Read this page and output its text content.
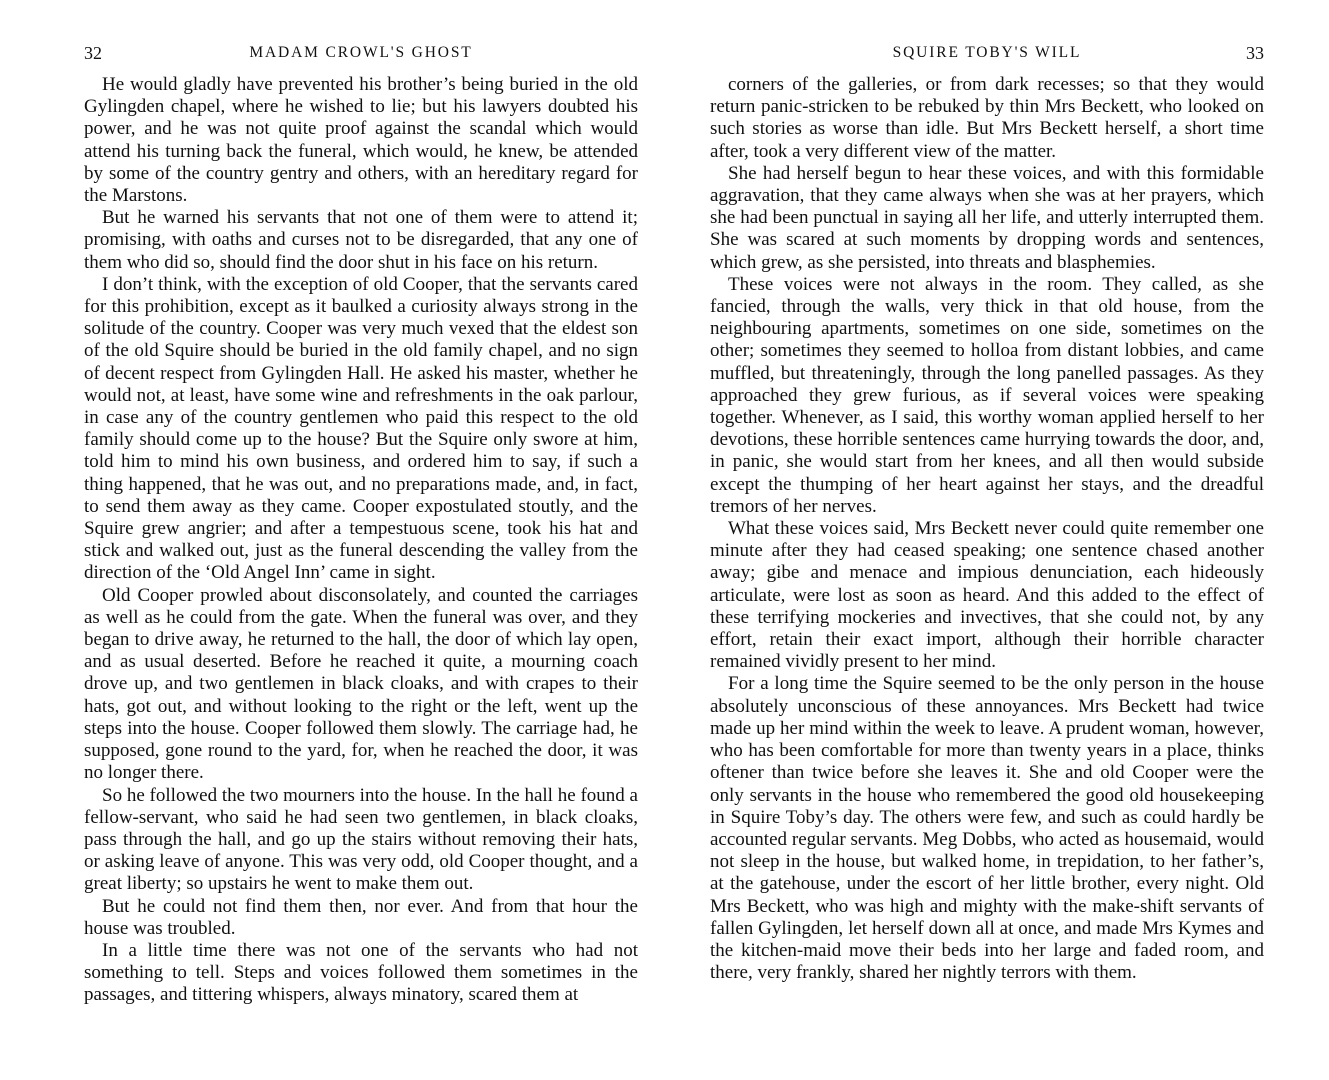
32	MADAM CROWL'S GHOST

He would gladly have prevented his brother’s being buried in the old Gylingden chapel, where he wished to lie; but his lawyers doubted his power, and he was not quite proof against the scandal which would attend his turning back the funeral, which would, he knew, be attended by some of the country gentry and others, with an hereditary regard for the Marstons.

But he warned his servants that not one of them were to attend it; promising, with oaths and curses not to be disregarded, that any one of them who did so, should find the door shut in his face on his return.

I don’t think, with the exception of old Cooper, that the servants cared for this prohibition, except as it baulked a curiosity always strong in the solitude of the country. Cooper was very much vexed that the eldest son of the old Squire should be buried in the old family chapel, and no sign of decent respect from Gylingden Hall. He asked his master, whether he would not, at least, have some wine and refreshments in the oak parlour, in case any of the country gentlemen who paid this respect to the old family should come up to the house? But the Squire only swore at him, told him to mind his own business, and ordered him to say, if such a thing happened, that he was out, and no preparations made, and, in fact, to send them away as they came. Cooper expostulated stoutly, and the Squire grew angrier; and after a tempestuous scene, took his hat and stick and walked out, just as the funeral descending the valley from the direction of the ‘Old Angel Inn’ came in sight.

Old Cooper prowled about disconsolately, and counted the carriages as well as he could from the gate. When the funeral was over, and they began to drive away, he returned to the hall, the door of which lay open, and as usual deserted. Before he reached it quite, a mourning coach drove up, and two gentlemen in black cloaks, and with crapes to their hats, got out, and without looking to the right or the left, went up the steps into the house. Cooper followed them slowly. The carriage had, he supposed, gone round to the yard, for, when he reached the door, it was no longer there.

So he followed the two mourners into the house. In the hall he found a fellow-servant, who said he had seen two gentlemen, in black cloaks, pass through the hall, and go up the stairs without removing their hats, or asking leave of anyone. This was very odd, old Cooper thought, and a great liberty; so upstairs he went to make them out.

But he could not find them then, nor ever. And from that hour the house was troubled.

In a little time there was not one of the servants who had not something to tell. Steps and voices followed them sometimes in the passages, and tittering whispers, always minatory, scared them at

SQUIRE TOBY'S WILL	33

corners of the galleries, or from dark recesses; so that they would return panic-stricken to be rebuked by thin Mrs Beckett, who looked on such stories as worse than idle. But Mrs Beckett herself, a short time after, took a very different view of the matter.

She had herself begun to hear these voices, and with this formidable aggravation, that they came always when she was at her prayers, which she had been punctual in saying all her life, and utterly interrupted them. She was scared at such moments by dropping words and sentences, which grew, as she persisted, into threats and blasphemies.

These voices were not always in the room. They called, as she fancied, through the walls, very thick in that old house, from the neighbouring apartments, sometimes on one side, sometimes on the other; sometimes they seemed to holloa from distant lobbies, and came muffled, but threateningly, through the long panelled passages. As they approached they grew furious, as if several voices were speaking together. Whenever, as I said, this worthy woman applied herself to her devotions, these horrible sentences came hurrying towards the door, and, in panic, she would start from her knees, and all then would subside except the thumping of her heart against her stays, and the dreadful tremors of her nerves.

What these voices said, Mrs Beckett never could quite remember one minute after they had ceased speaking; one sentence chased another away; gibe and menace and impious denunciation, each hideously articulate, were lost as soon as heard. And this added to the effect of these terrifying mockeries and invectives, that she could not, by any effort, retain their exact import, although their horrible character remained vividly present to her mind.

For a long time the Squire seemed to be the only person in the house absolutely unconscious of these annoyances. Mrs Beckett had twice made up her mind within the week to leave. A prudent woman, however, who has been comfortable for more than twenty years in a place, thinks oftener than twice before she leaves it. She and old Cooper were the only servants in the house who remembered the good old housekeeping in Squire Toby’s day. The others were few, and such as could hardly be accounted regular servants. Meg Dobbs, who acted as housemaid, would not sleep in the house, but walked home, in trepidation, to her father’s, at the gatehouse, under the escort of her little brother, every night. Old Mrs Beckett, who was high and mighty with the make-shift servants of fallen Gylingden, let herself down all at once, and made Mrs Kymes and the kitchen-maid move their beds into her large and faded room, and there, very frankly, shared her nightly terrors with them.
